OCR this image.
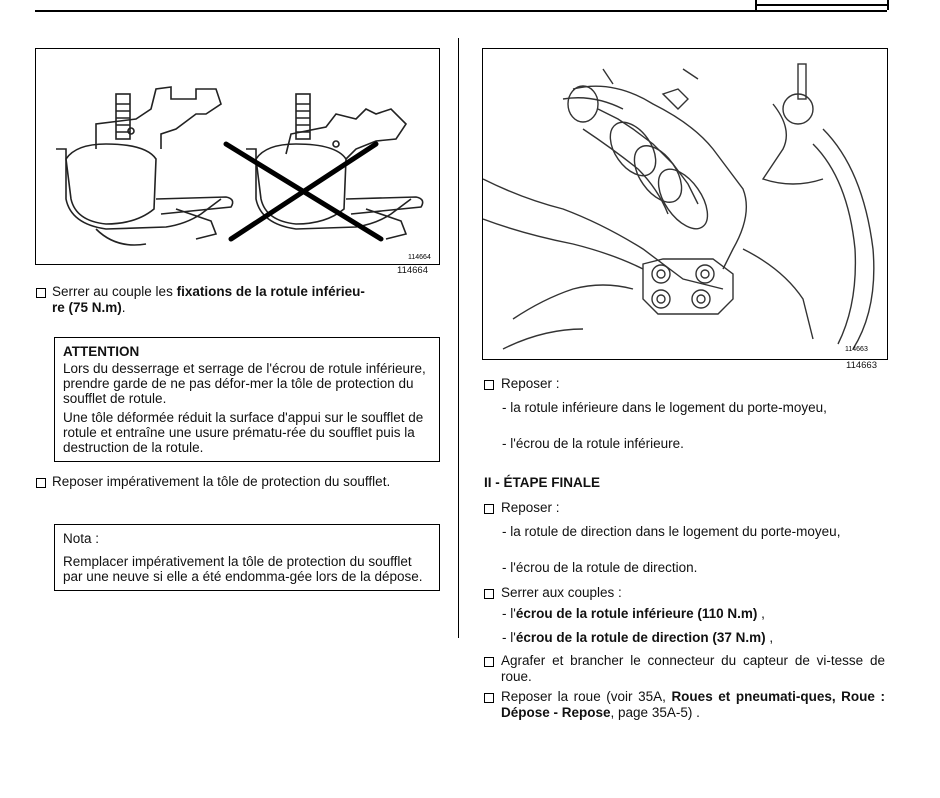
114664
114664
Serrer au couple les fixations de la rotule inférieu-
re (75 N.m).
ATTENTION
Lors du desserrage et serrage de l'écrou de rotule inférieure, prendre garde de ne pas défor-mer la tôle de protection du soufflet de rotule.
Une tôle déformée réduit la surface d'appui sur le soufflet de rotule et entraîne une usure prématu-rée du soufflet puis la destruction de la rotule.
Reposer impérativement la tôle de protection du soufflet.
Nota :
Remplacer impérativement la tôle de protection du soufflet par une neuve si elle a été endomma-gée lors de la dépose.
114663
114663
Reposer :
- la rotule inférieure dans le logement du porte-moyeu,
- l'écrou de la rotule inférieure.
II - ÉTAPE FINALE
Reposer :
- la rotule de direction dans le logement du porte-moyeu,
- l'écrou de la rotule de direction.
Serrer aux couples :
- l'écrou de la rotule inférieure (110 N.m) ,
- l'écrou de la rotule de direction (37 N.m) ,
Agrafer et brancher le connecteur du capteur de vi-tesse de roue.
Reposer la roue (voir 35A, Roues et pneumati-ques, Roue : Dépose - Repose, page 35A-5) .
